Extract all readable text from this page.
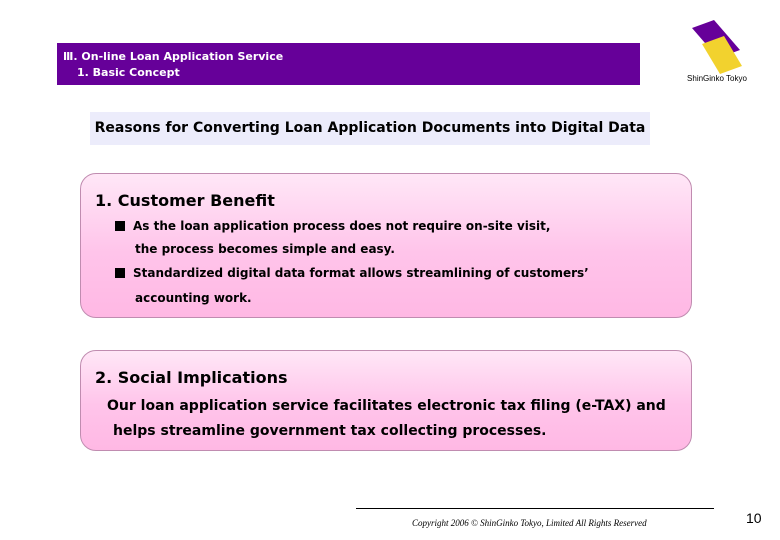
Ⅲ. On-line Loan Application Service
1. Basic Concept	ShinGinko Tokyo
Reasons for Converting Loan Application Documents into Digital Data
1. Customer Benefit
As the loan application process does not require on-site visit,
the process becomes simple and easy.
Standardized digital data format allows streamlining of customers’
accounting work.
2. Social Implications
Our loan application service facilitates electronic tax filing (e-TAX) and
helps streamline government tax collecting processes.
Copyright 2006 © ShinGinko Tokyo, Limited All Rights Reserved	10
